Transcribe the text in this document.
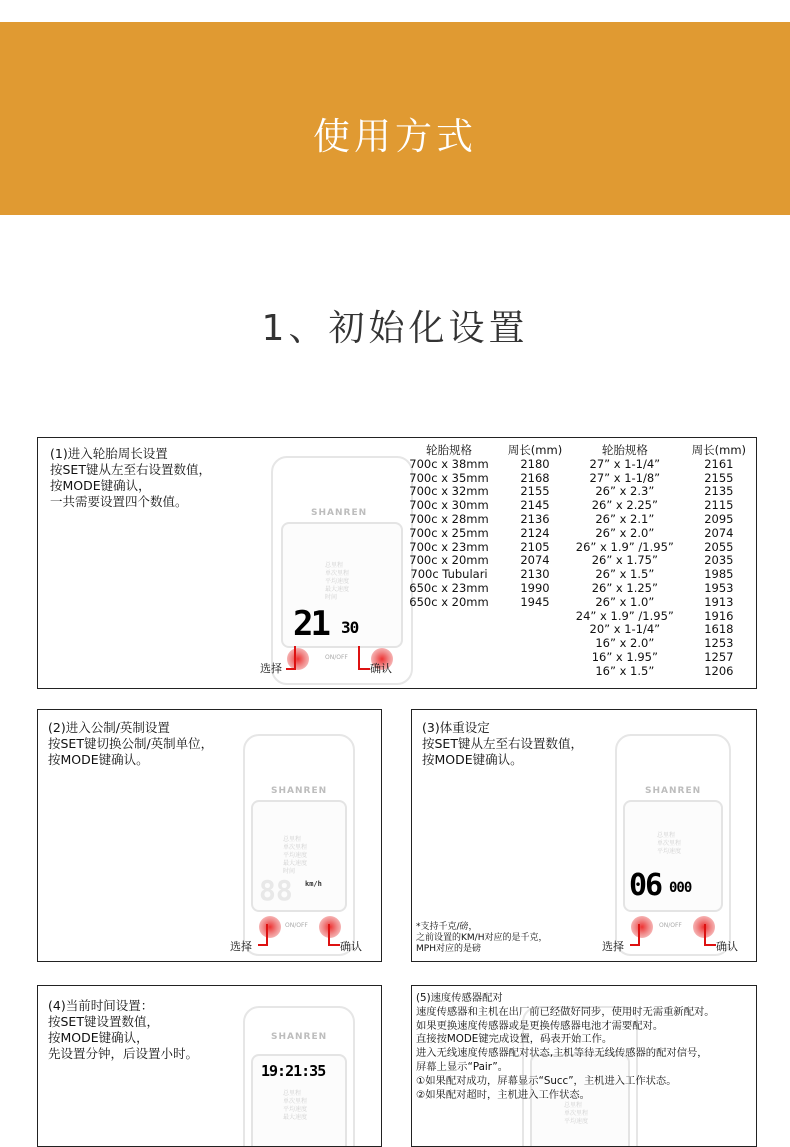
使用方式
1、初始化设置
(1)进入轮胎周长设置
按SET键从左至右设置数值，
按MODE键确认，
一共需要设置四个数值。
SHANREN
总里程
单次里程
平均速度
最大速度
时间
21 30
ON/OFF
选择	确认
轮胎规格	周长(mm)
700c x 38mm	2180
700c x 35mm	2168
700c x 32mm	2155
700c x 30mm	2145
700c x 28mm	2136
700c x 25mm	2124
700c x 23mm	2105
700c x 20mm	2074
700c Tubulari	2130
650c x 23mm	1990
650c x 20mm	1945
轮胎规格	周长(mm)
27” x 1-1/4”	2161
27” x 1-1/8”	2155
26” x 2.3”	2135
26” x 2.25”	2115
26” x 2.1”	2095
26” x 2.0”	2074
26” x 1.9” /1.95”	2055
26” x 1.75”	2035
26” x 1.5”	1985
26” x 1.25”	1953
26” x 1.0”	1913
24” x 1.9” /1.95”	1916
20” x 1-1/4”	1618
16” x 2.0”	1253
16” x 1.95”	1257
16” x 1.5”	1206
(2)进入公制/英制设置
按SET键切换公制/英制单位，
按MODE键确认。
SHANREN
总里程
单次里程
平均速度
最大速度
时间
88 km/h
ON/OFF
选择	确认
(3)体重设定
按SET键从左至右设置数值，
按MODE键确认。
SHANREN
总里程
单次里程
平均速度
06 000
ON/OFF
*支持千克/磅，
之前设置的KM/H对应的是千克，
MPH对应的是磅	选择	确认
(4)当前时间设置：
按SET键设置数值，
按MODE键确认，
先设置分钟，后设置小时。
SHANREN
19:21:35
总里程
单次里程
平均速度
最大速度
总里程
单次里程
平均速度
(5)速度传感器配对
速度传感器和主机在出厂前已经做好同步，使用时无需重新配对。
如果更换速度传感器或是更换传感器电池才需要配对。
直接按MODE键完成设置，码表开始工作。
进入无线速度传感器配对状态,主机等待无线传感器的配对信号，
屏幕上显示“Pair”。
①如果配对成功，屏幕显示“Succ”，主机进入工作状态。
②如果配对超时，主机进入工作状态。
